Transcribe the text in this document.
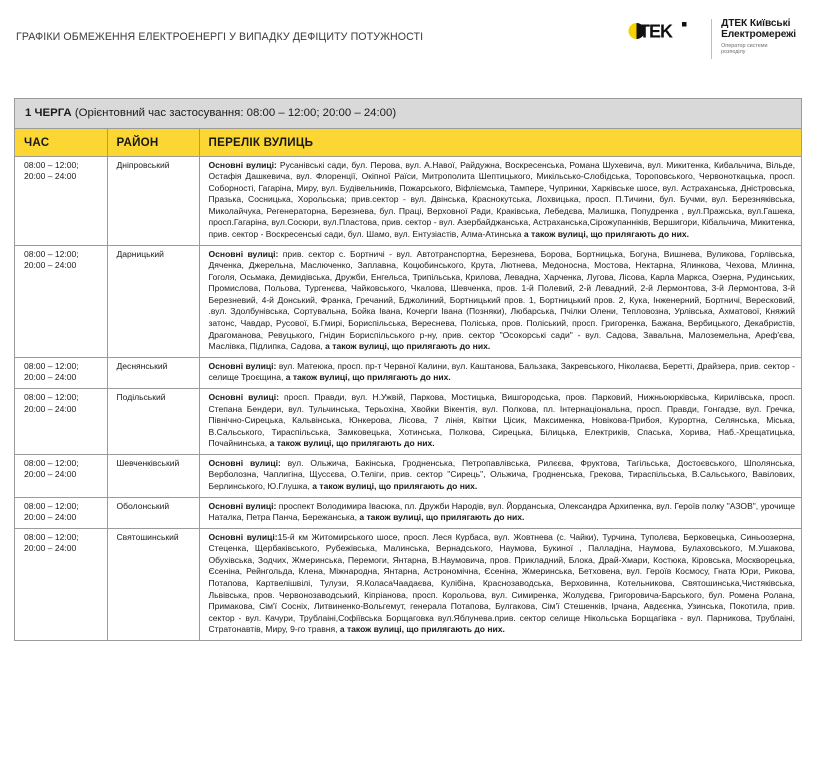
ГРАФІКИ ОБМЕЖЕННЯ ЕЛЕКТРОЕНЕРГІ У ВИПАДКУ ДЕФІЦИТУ ПОТУЖНОСТІ	TEK	ДТЕК Київські
Електромережі
Оператор системи
розподілу
1 ЧЕРГА (Орієнтовний час застосування: 08:00 – 12:00; 20:00 – 24:00)
ЧАС	РАЙОН	ПЕРЕЛІК ВУЛИЦЬ

08:00 – 12:00;
20:00 – 24:00	Дніпровський	Основні вулиці: Русанівські сади, бул. Перова, вул. А.Навої, Райдужна, Воскресенська, Романа Шухевича, вул. Микитенка, Кибальчича, Вільде, Остафія Дашкевича, вул. Флоренції, Окіпної Раїси, Митрополита Шептицького, Микільсько-Слобідська, Тороповського, Червоноткацька, просп. Соборності, Гагаріна, Миру, вул. Будівельників, Пожарського, Віфліємська, Тампере, Чупринки, Харківське шосе, вул. Астраханська, Дністровська, Празька, Сосницька, Хорольська; прив.сектор - вул. Двінська, Краснокутська, Лохвицька, просп. П.Тичини, бул. Бучми, вул. Березняківська, Миколайчука, Регенераторна, Березнева, бул. Праці, Верховної Ради, Краківська, Лебедєва, Малишка, Попудренка , вул.Пражська, вул.Гашека, просп.Гагаріна, вул.Сосюри, вул.Пластова, прив. сектор - вул. Азербайджанська, Астраханська,Сірожупанніків, Вершигори, Кібальчича, Микитенка, прив. сектор - Воскресенські сади, бул. Шамо, вул. Ентузіастів, Алма-Атинська а також вулиці, що прилягають до них.

08:00 – 12:00;
20:00 – 24:00	Дарницький	Основні вулиці: прив. сектор с. Бортничі - вул. Автотранспортна, Березнева, Борова, Бортницька, Богуна, Вишнева, Вуликова, Горлівська, Дяченка, Джерельна, Маслюченко, Заплавна, Коцюбинського, Крута, Лютнева, Медоносна, Мостова, Нектарна, Ялинкова, Чехова, Млинна, Гоголя, Осьмака, Демидівська, Дружби, Енгельса, Трипільська, Крилова, Левадна, Харченка, Лугова, Лісова, Карла Маркса, Озерна, Рудинських, Промислова, Польова, Тургенєва, Чайковського, Чкалова, Шевченка, пров. 1-й Полевий, 2-й Левадний, 2-й Лермонтова, 3-й Лермонтова, 3-й Березневий, 4-й Донський, Франка, Гречаний, Бджолиний, Бортницький пров. 1, Бортницький пров. 2, Кука, Інженерний, Бортничі, Вересковий, .вул. Здолбунівська, Сортувальна, Бойка Івана, Кочерги Івана (Позняки), Любарська, Пчілки Олени, Тепловозна, Урлівська, Ахматової, Княжий затонс, Чавдар, Русової, Б.Гмирі, Бориспільська, Вереснева, Поліська, пров. Поліський, просп. Григоренка, Бажана, Вербицького, Декабристів, Драгоманова, Ревуцького, Гнідин Бориспільського р-ну, прив. сектор "Осокорські сади" - вул. Садова, Завальна, Малоземельна, Ареф'єва, Маслівка, Підлипка, Садова, а також вулиці, що прилягають до них.

08:00 – 12:00;
20:00 – 24:00	Деснянський	Основні вулиці: вул. Матеюка, просп. пр-т Червної Калини, вул. Каштанова, Бальзака, Закревського, Ніколаєва, Беретті, Драйзера, прив. сектор - селище Троєщина, а також вулиці, що прилягають до них.

08:00 – 12:00;
20:00 – 24:00	Подільський	Основні вулиці: просп. Правди, вул. Н.Ужвій, Паркова, Мостицька, Вишгородська, пров. Парковий, Нижньоюрківська, Кирилівська, просп. Степана Бендери, вул. Тульчинська, Терьохіна, Хвойки Вікентія, вул. Полкова, пл. Інтернаціональна, просп. Правди, Гонгадзе, вул. Гречка, Північно-Сирецька, Кальвінська, Юнкерова, Лісова, 7 лінія, Квітки Цісик, Максименка, Новікова-Прибоя, Курортна, Селянська, Міська, В.Сальського, Тираспільська, Замковецька, Хотинська, Полкова, Сирецька, Білицька, Електриків, Спаська, Хорива, Наб.-Хрещатицька, Почайнинська, а також вулиці, що прилягають до них.

08:00 – 12:00;
20:00 – 24:00	Шевченківський	Основні вулиці: вул. Ольжича, Бакінська, Гродненська, Петропавлівська, Рилєєва, Фруктова, Тагільська, Достоєвського, Шполянська, Верболозна, Чаплигіна, Щуссєва, О.Теліги, прив. сектор "Сирець", Ольжича, Гродненська, Грекова, Тираспільська, В.Сальського, Вавілових, Берлинського, Ю.Глушка, а також вулиці, що прилягають до них.

08:00 – 12:00;
20:00 – 24:00	Оболонський	Основні вулиці: проспект Володимира Івасюка, пл. Дружби Народів, вул. Йорданська, Олександра Архипенка, вул. Героїв полку "АЗОВ", урочище Наталка, Петра Панча, Бережанська, а також вулиці, що прилягають до них.

08:00 – 12:00;
20:00 – 24:00	Святошинський	Основні вулиці:15-й км Житомирського шосе, просп. Леся Курбаса, вул. Жовтнева (с. Чайки), Турчина, Туполєва, Берковецька, Синьоозерна, Стеценка, Щербаківського, Рубежівська, Малинська, Вернадського, Наумова, Букиної , Палладіна, Наумова, Булаховського, М.Ушакова, Обухівська, Зодчих, Жмеринська, Перемоги, Янтарна, В.Наумовича, пров. Прикладний, Блока, Драй-Хмари, Костюка, Кіровська, Москворецька, Єсеніна, Рейнгольда, Клена, Міжнародна, Янтарна, Астрономічна, Єсеніна, Жмеринська, Бетховена, вул. Героїв Космосу, Гната Юри, Рикова, Потапова, Картвелішвілі, Тулузи, Я.КоласаЧаадаєва, Кулібіна, Краснозаводська, Верховинна, Котельникова, Святошинська,Чистяківська, Львівська, пров. Червонозаводський, Кіпріанова, просп. Корольова, вул. Симиренка, Жолудєва, Григоровича-Барського, бул. Ромена Ролана, Примакова, Сім'ї Сосніх, Литвиненко-Вольгемут, генерала Потапова, Булгакова, Сім'ї Стешенків, Ірчана, Авдєєнка, Узинська, Покотила, прив. сектор - вул. Качури, Трублаіні,Софіївська Борщаговка вул.Яблунева.прив. сектор селище Нікольська Борщагівка - вул. Парникова, Трублаіні, Стратонавтів, Миру, 9-го травня, а також вулиці, що прилягають до них.
